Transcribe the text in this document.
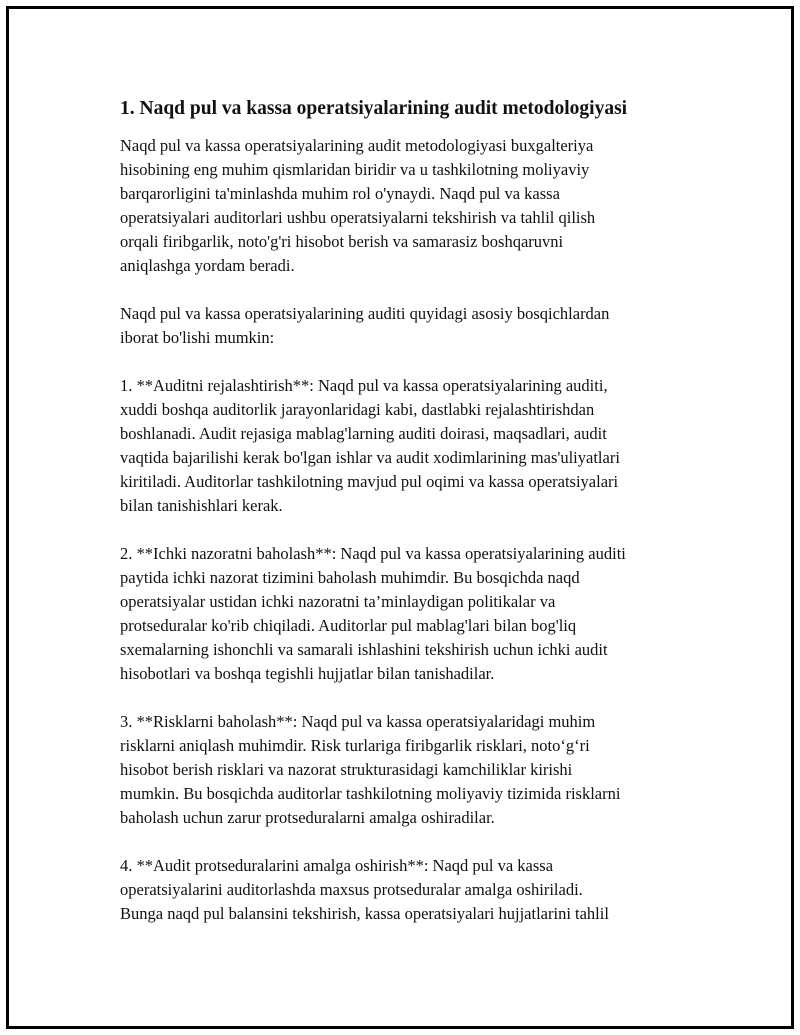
1. Naqd pul va kassa operatsiyalarining audit metodologiyasi

Naqd pul va kassa operatsiyalarining audit metodologiyasi buxgalteriya
hisobining eng muhim qismlaridan biridir va u tashkilotning moliyaviy
barqarorligini ta'minlashda muhim rol o'ynaydi. Naqd pul va kassa
operatsiyalari auditorlari ushbu operatsiyalarni tekshirish va tahlil qilish
orqali firibgarlik, noto'g'ri hisobot berish va samarasiz boshqaruvni
aniqlashga yordam beradi.

Naqd pul va kassa operatsiyalarining auditi quyidagi asosiy bosqichlardan
iborat bo'lishi mumkin:

1. **Auditni rejalashtirish**: Naqd pul va kassa operatsiyalarining auditi,
xuddi boshqa auditorlik jarayonlaridagi kabi, dastlabki rejalashtirishdan
boshlanadi. Audit rejasiga mablag'larning auditi doirasi, maqsadlari, audit
vaqtida bajarilishi kerak bo'lgan ishlar va audit xodimlarining mas'uliyatlari
kiritiladi. Auditorlar tashkilotning mavjud pul oqimi va kassa operatsiyalari
bilan tanishishlari kerak.

2. **Ichki nazoratni baholash**: Naqd pul va kassa operatsiyalarining auditi
paytida ichki nazorat tizimini baholash muhimdir. Bu bosqichda naqd
operatsiyalar ustidan ichki nazoratni ta’minlaydigan politikalar va
protseduralar ko'rib chiqiladi. Auditorlar pul mablag'lari bilan bog'liq
sxemalarning ishonchli va samarali ishlashini tekshirish uchun ichki audit
hisobotlari va boshqa tegishli hujjatlar bilan tanishadilar.

3. **Risklarni baholash**: Naqd pul va kassa operatsiyalaridagi muhim
risklarni aniqlash muhimdir. Risk turlariga firibgarlik risklari, noto‘g‘ri
hisobot berish risklari va nazorat strukturasidagi kamchiliklar kirishi
mumkin. Bu bosqichda auditorlar tashkilotning moliyaviy tizimida risklarni
baholash uchun zarur protseduralarni amalga oshiradilar.

4. **Audit protseduralarini amalga oshirish**: Naqd pul va kassa
operatsiyalarini auditorlashda maxsus protseduralar amalga oshiriladi.
Bunga naqd pul balansini tekshirish, kassa operatsiyalari hujjatlarini tahlil
